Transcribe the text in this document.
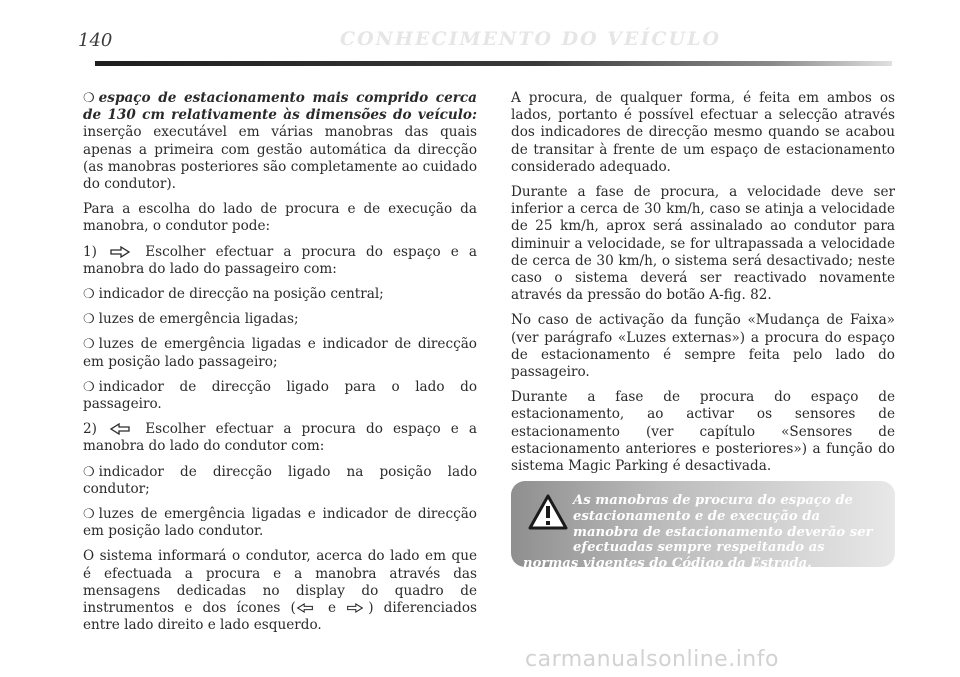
140	CONHECIMENTO DO VEÍCULO

❍ espaço de estacionamento mais comprido cerca de 130 cm relativamente às dimensões do veículo: inserção executável em várias manobras das quais apenas a primeira com gestão automática da direcção (as manobras posteriores são completamente ao cuidado do condutor).

Para a escolha do lado de procura e de execução da manobra, o condutor pode:

1)	Escolher efectuar a procura do espaço e a manobra do lado do passageiro com:

❍ indicador de direcção na posição central;

❍ luzes de emergência ligadas;

❍ luzes de emergência ligadas e indicador de direcção em posição lado passageiro;

❍ indicador de direcção ligado para o lado do passageiro.

2)	Escolher efectuar a procura do espaço e a manobra do lado do condutor com:

❍ indicador de direcção ligado na posição lado condutor;

❍ luzes de emergência ligadas e indicador de direcção em posição lado condutor.

O sistema informará o condutor, acerca do lado em que é efectuada a procura e a manobra através das mensagens dedicadas no display do quadro de instrumentos e dos ícones ( e ) diferenciados entre lado direito e lado esquerdo.

A procura, de qualquer forma, é feita em ambos os lados, portanto é possível efectuar a selecção através dos indicadores de direcção mesmo quando se acabou de transitar à frente de um espaço de estacionamento considerado adequado.

Durante a fase de procura, a velocidade deve ser inferior a cerca de 30 km/h, caso se atinja a velocidade de 25 km/h, aprox será assinalado ao condutor para diminuir a velocidade, se for ultrapassada a velocidade de cerca de 30 km/h, o sistema será desactivado; neste caso o sistema deverá ser reactivado novamente através da pressão do botão A-fig. 82.

No caso de activação da função «Mudança de Faixa» (ver parágrafo «Luzes externas») a procura do espaço de estacionamento é sempre feita pelo lado do passageiro.

Durante a fase de procura do espaço de estacionamento, ao activar os sensores de estacionamento (ver capítulo «Sensores de estacionamento anteriores e posteriores») a função do sistema Magic Parking é desactivada.

As manobras de procura do espaço de estacionamento e de execução da manobra de estacionamento deverão ser efectuadas sempre respeitando as normas vigentes do Código da Estrada.
carmanualsonline.info
